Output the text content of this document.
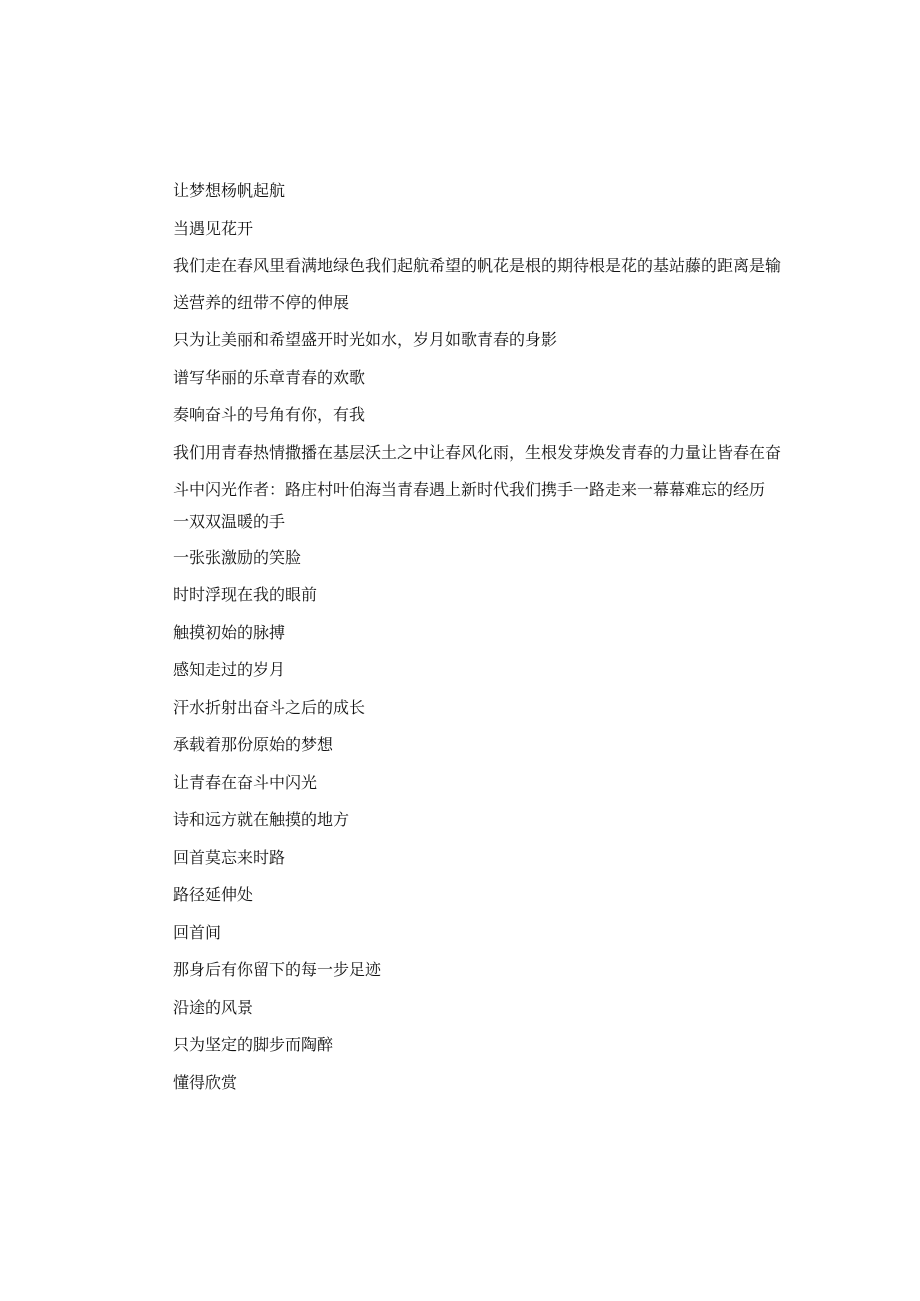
让梦想杨帆起航

当遇见花开

我们走在春风里看满地绿色我们起航希望的帆花是根的期待根是花的基站藤的距离是输送营养的纽带不停的伸展

只为让美丽和希望盛开时光如水，岁月如歌青春的身影

谱写华丽的乐章青春的欢歌

奏响奋斗的号角有你，有我

我们用青春热情撒播在基层沃土之中让春风化雨，生根发芽焕发青春的力量让皆春在奋斗中闪光作者：路庄村叶伯海当青春遇上新时代我们携手一路走来一幕幕难忘的经历

一双双温暖的手

一张张激励的笑脸

时时浮现在我的眼前

触摸初始的脉搏

感知走过的岁月

汗水折射出奋斗之后的成长

承载着那份原始的梦想

让青春在奋斗中闪光

诗和远方就在触摸的地方

回首莫忘来时路

路径延伸处

回首间

那身后有你留下的每一步足迹

沿途的风景

只为坚定的脚步而陶醉

懂得欣赏
